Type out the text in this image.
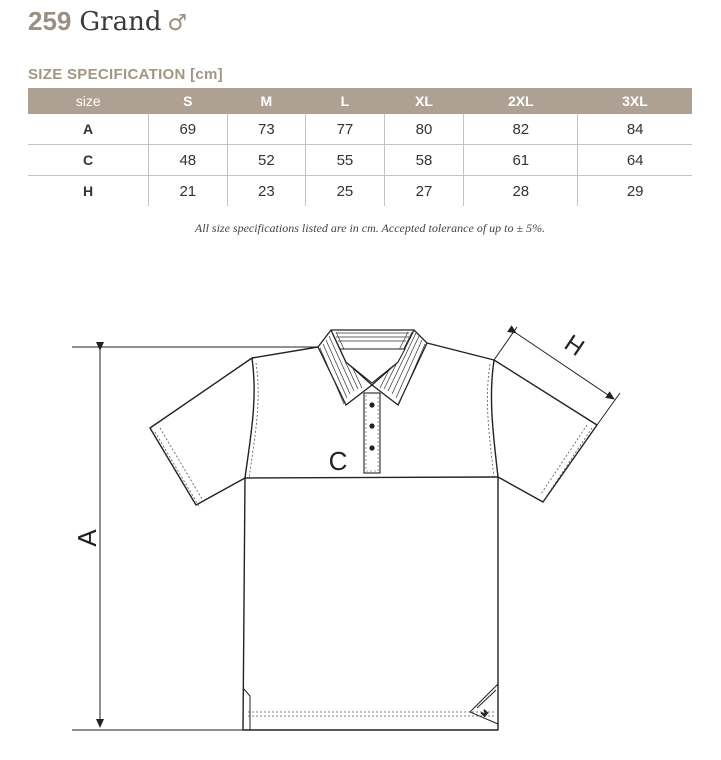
259 Grand ♂
SIZE SPECIFICATION [cm]
size	S	M	L	XL	2XL	3XL
A	69	73	77	80	82	84
C	48	52	55	58	61	64
H	21	23	25	27	28	29
All size specifications listed are in cm. Accepted tolerance of up to ± 5%.
M
A
C
H
